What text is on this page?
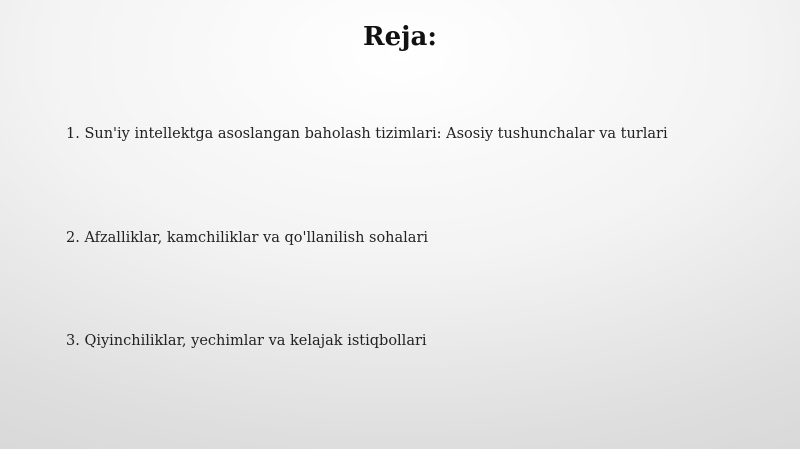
Reja:
1. Sun'iy intellektga asoslangan baholash tizimlari: Asosiy tushunchalar va turlari
2. Afzalliklar, kamchiliklar va qo'llanilish sohalari
3. Qiyinchiliklar, yechimlar va kelajak istiqbollari
